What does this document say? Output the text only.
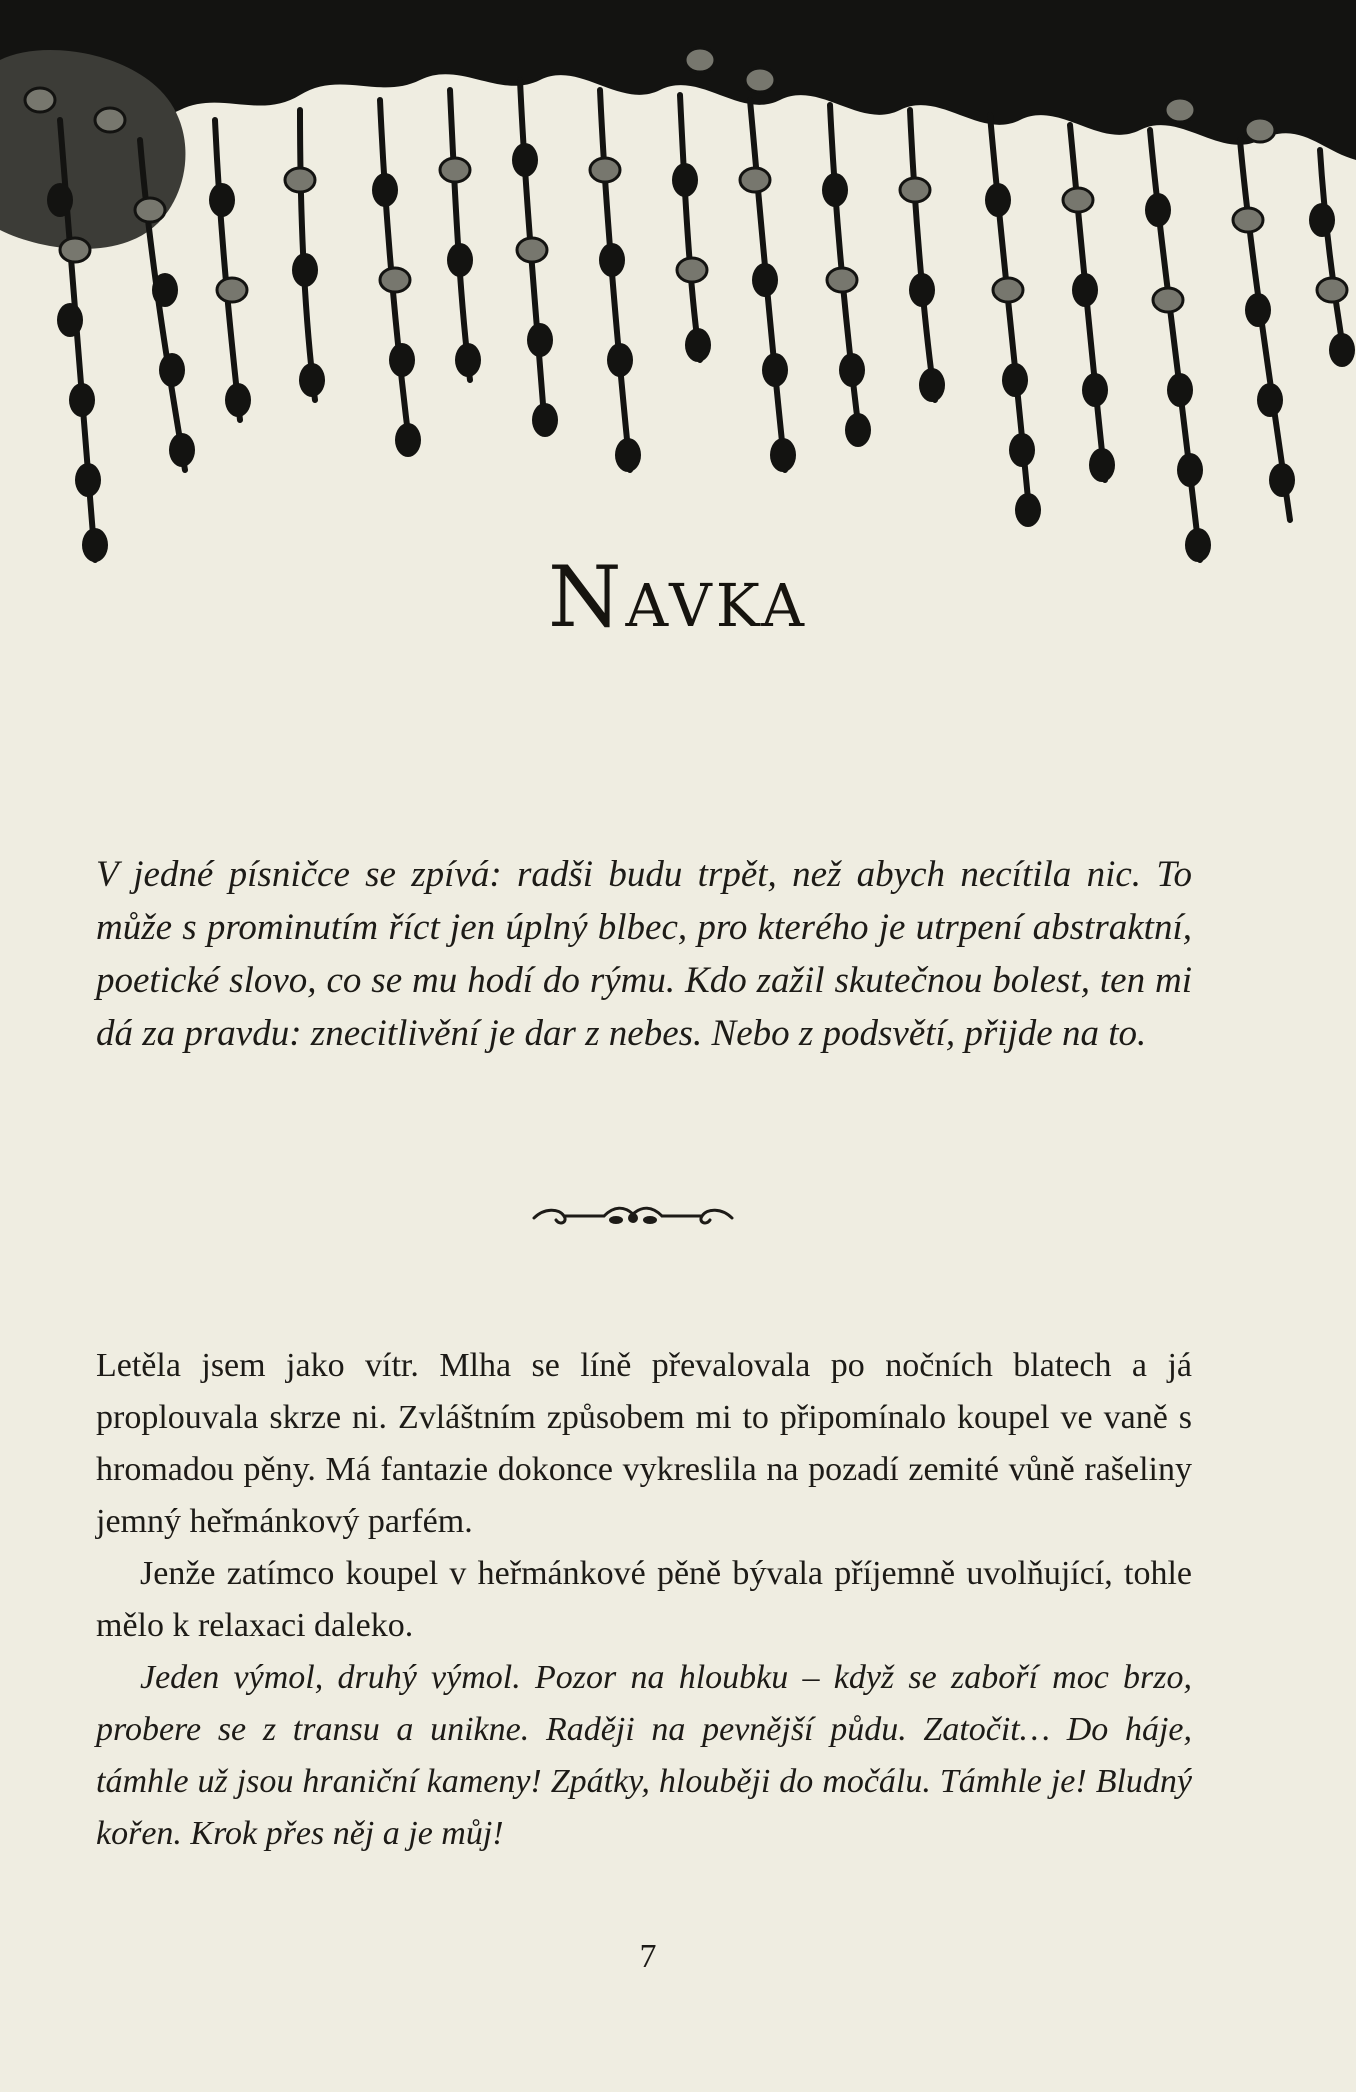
Navka

V jedné písničce se zpívá: radši budu trpět, než abych necítila nic. To může s prominutím říct jen úplný blbec, pro kterého je utrpení abstraktní, poetické slovo, co se mu hodí do rýmu. Kdo zažil skutečnou bolest, ten mi dá za pravdu: znecitlivění je dar z nebes. Nebo z podsvětí, přijde na to.

Letěla jsem jako vítr. Mlha se líně převalovala po nočních blatech a já proplouvala skrze ni. Zvláštním způsobem mi to připomínalo koupel ve vaně s hromadou pěny. Má fantazie dokonce vykreslila na pozadí zemité vůně rašeliny jemný heřmánkový parfém.

Jenže zatímco koupel v heřmánkové pěně bývala příjemně uvolňující, tohle mělo k relaxaci daleko.

Jeden výmol, druhý výmol. Pozor na hloubku – když se zaboří moc brzo, probere se z transu a unikne. Raději na pevnější půdu. Zatočit… Do háje, támhle už jsou hraniční kameny! Zpátky, hlouběji do močálu. Támhle je! Bludný kořen. Krok přes něj a je můj!

7
